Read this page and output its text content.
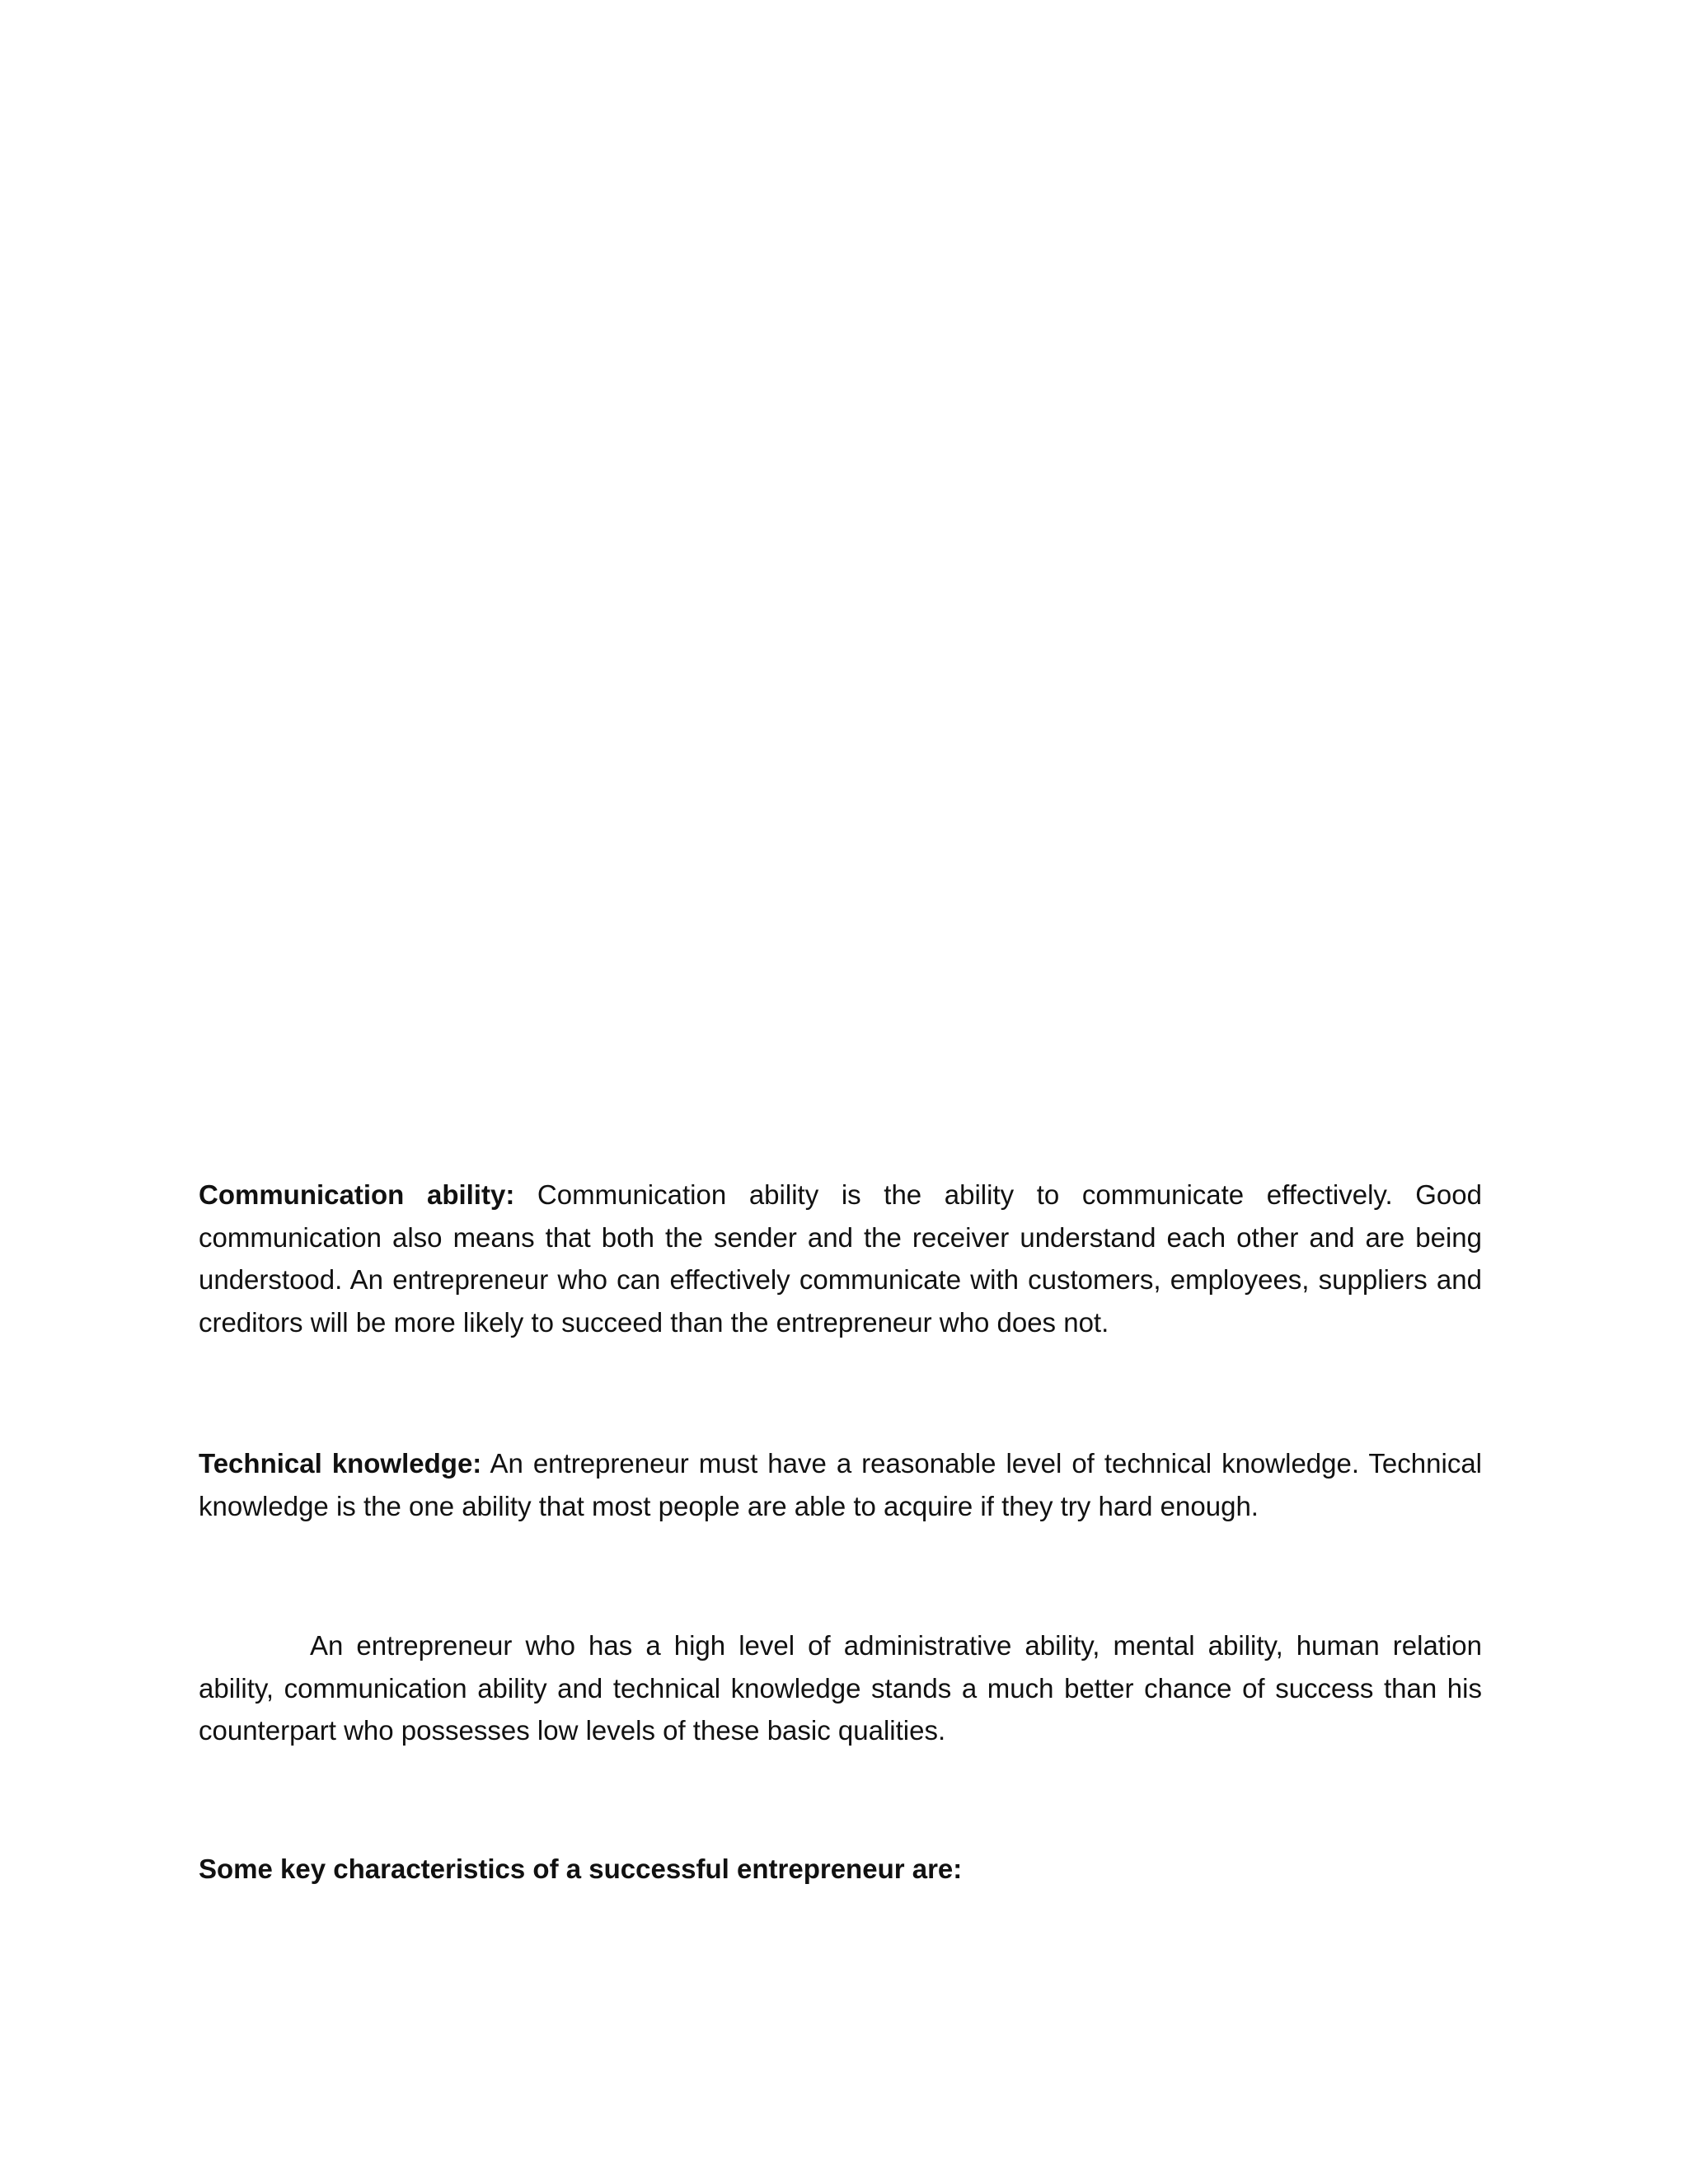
Communication ability: Communication ability is the ability to communicate effectively. Good communication also means that both the sender and the receiver understand each other and are being understood. An entrepreneur who can effectively communicate with customers, employees, suppliers and creditors will be more likely to succeed than the entrepreneur who does not.

Technical knowledge: An entrepreneur must have a reasonable level of technical knowledge. Technical knowledge is the one ability that most people are able to acquire if they try hard enough.

An entrepreneur who has a high level of administrative ability, mental ability, human relation ability, communication ability and technical knowledge stands a much better chance of success than his counterpart who possesses low levels of these basic qualities.

Some key characteristics of a successful entrepreneur are:
